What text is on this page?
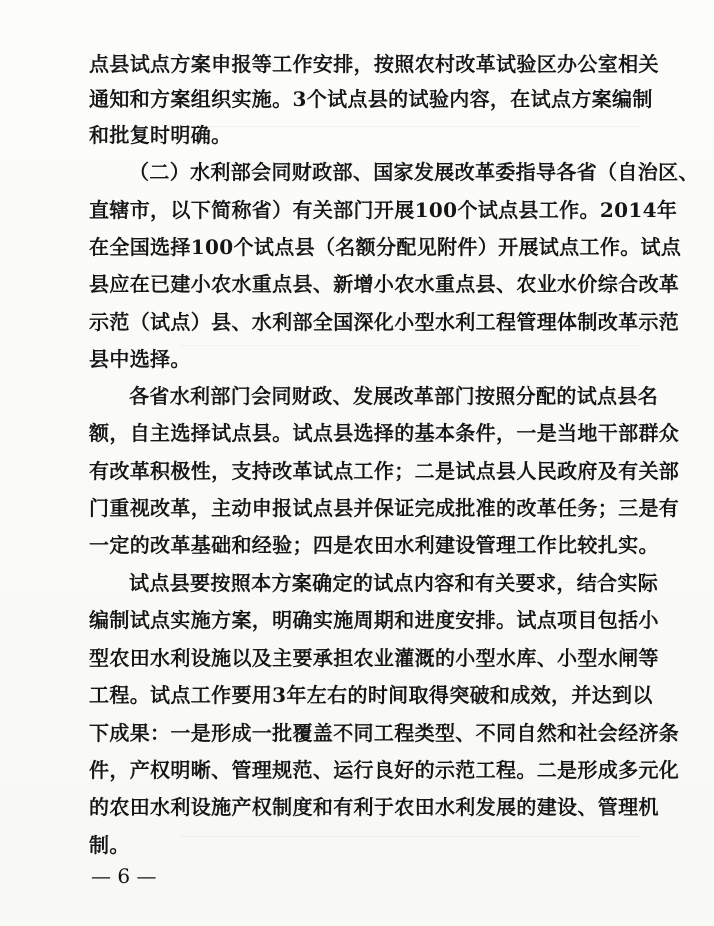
点县试点方案申报等工作安排，按照农村改革试验区办公室相关
通知和方案组织实施。3个试点县的试验内容，在试点方案编制
和批复时明确。
（二）水利部会同财政部、国家发展改革委指导各省（自治区、
直辖市，以下简称省）有关部门开展100个试点县工作。2014年
在全国选择100个试点县（名额分配见附件）开展试点工作。试点
县应在已建小农水重点县、新增小农水重点县、农业水价综合改革
示范（试点）县、水利部全国深化小型水利工程管理体制改革示范
县中选择。
各省水利部门会同财政、发展改革部门按照分配的试点县名
额，自主选择试点县。试点县选择的基本条件，一是当地干部群众
有改革积极性，支持改革试点工作；二是试点县人民政府及有关部
门重视改革，主动申报试点县并保证完成批准的改革任务；三是有
一定的改革基础和经验；四是农田水利建设管理工作比较扎实。
试点县要按照本方案确定的试点内容和有关要求，结合实际
编制试点实施方案，明确实施周期和进度安排。试点项目包括小
型农田水利设施以及主要承担农业灌溉的小型水库、小型水闸等
工程。试点工作要用3年左右的时间取得突破和成效，并达到以
下成果：一是形成一批覆盖不同工程类型、不同自然和社会经济条
件，产权明晰、管理规范、运行良好的示范工程。二是形成多元化
的农田水利设施产权制度和有利于农田水利发展的建设、管理机
制。
— 6 —
